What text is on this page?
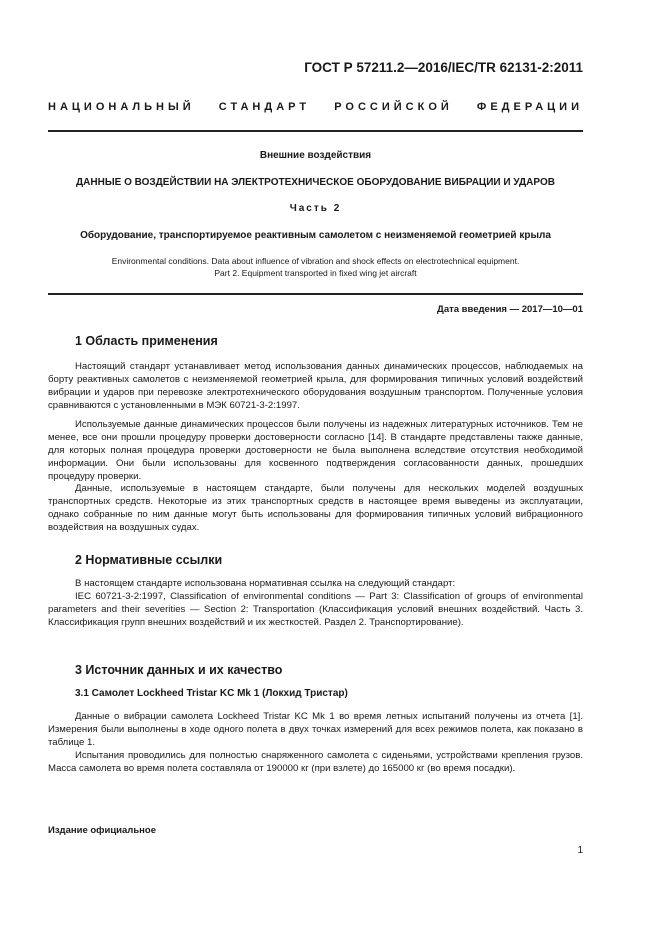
ГОСТ Р 57211.2—2016/IEC/TR 62131-2:2011
НАЦИОНАЛЬНЫЙ СТАНДАРТ РОССИЙСКОЙ ФЕДЕРАЦИИ
Внешние воздействия
ДАННЫЕ О ВОЗДЕЙСТВИИ НА ЭЛЕКТРОТЕХНИЧЕСКОЕ ОБОРУДОВАНИЕ ВИБРАЦИИ И УДАРОВ
Часть 2
Оборудование, транспортируемое реактивным самолетом с неизменяемой геометрией крыла
Environmental conditions. Data about influence of vibration and shock effects on electrotechnical equipment.
Part 2. Equipment transported in fixed wing jet aircraft
Дата введения — 2017—10—01
1 Область применения

Настоящий стандарт устанавливает метод использования данных динамических процессов, наблюдаемых на борту реактивных самолетов с неизменяемой геометрией крыла, для формирования типичных условий воздействий вибрации и ударов при перевозке электротехнического оборудования воздушным транспортом. Полученные условия сравниваются с установленными в МЭК 60721-3-2:1997.

Используемые данные динамических процессов были получены из надежных литературных источников. Тем не менее, все они прошли процедуру проверки достоверности согласно [14]. В стандарте представлены также данные, для которых полная процедура проверки достоверности не была выполнена вследствие отсутствия необходимой информации. Они были использованы для косвенного подтверждения согласованности данных, прошедших процедуру проверки.

Данные, используемые в настоящем стандарте, были получены для нескольких моделей воздушных транспортных средств. Некоторые из этих транспортных средств в настоящее время выведены из эксплуатации, однако собранные по ним данные могут быть использованы для формирования типичных условий вибрационного воздействия на воздушных судах.

2 Нормативные ссылки

В настоящем стандарте использована нормативная ссылка на следующий стандарт:

IEC 60721-3-2:1997, Classification of environmental conditions — Part 3: Classification of groups of environmental parameters and their severities — Section 2: Transportation (Классификация условий внешних воздействий. Часть 3. Классификация групп внешних воздействий и их жесткостей. Раздел 2. Транспортирование).

3 Источник данных и их качество
3.1 Самолет Lockheed Tristar KC Mk 1 (Локхид Тристар)

Данные о вибрации самолета Lockheed Tristar KC Mk 1 во время летных испытаний получены из отчета [1]. Измерения были выполнены в ходе одного полета в двух точках измерений для всех режимов полета, как показано в таблице 1.

Испытания проводились для полностью снаряженного самолета с сиденьями, устройствами крепления грузов. Масса самолета во время полета составляла от 190000 кг (при взлете) до 165000 кг (во время посадки).

Издание официальное
1
